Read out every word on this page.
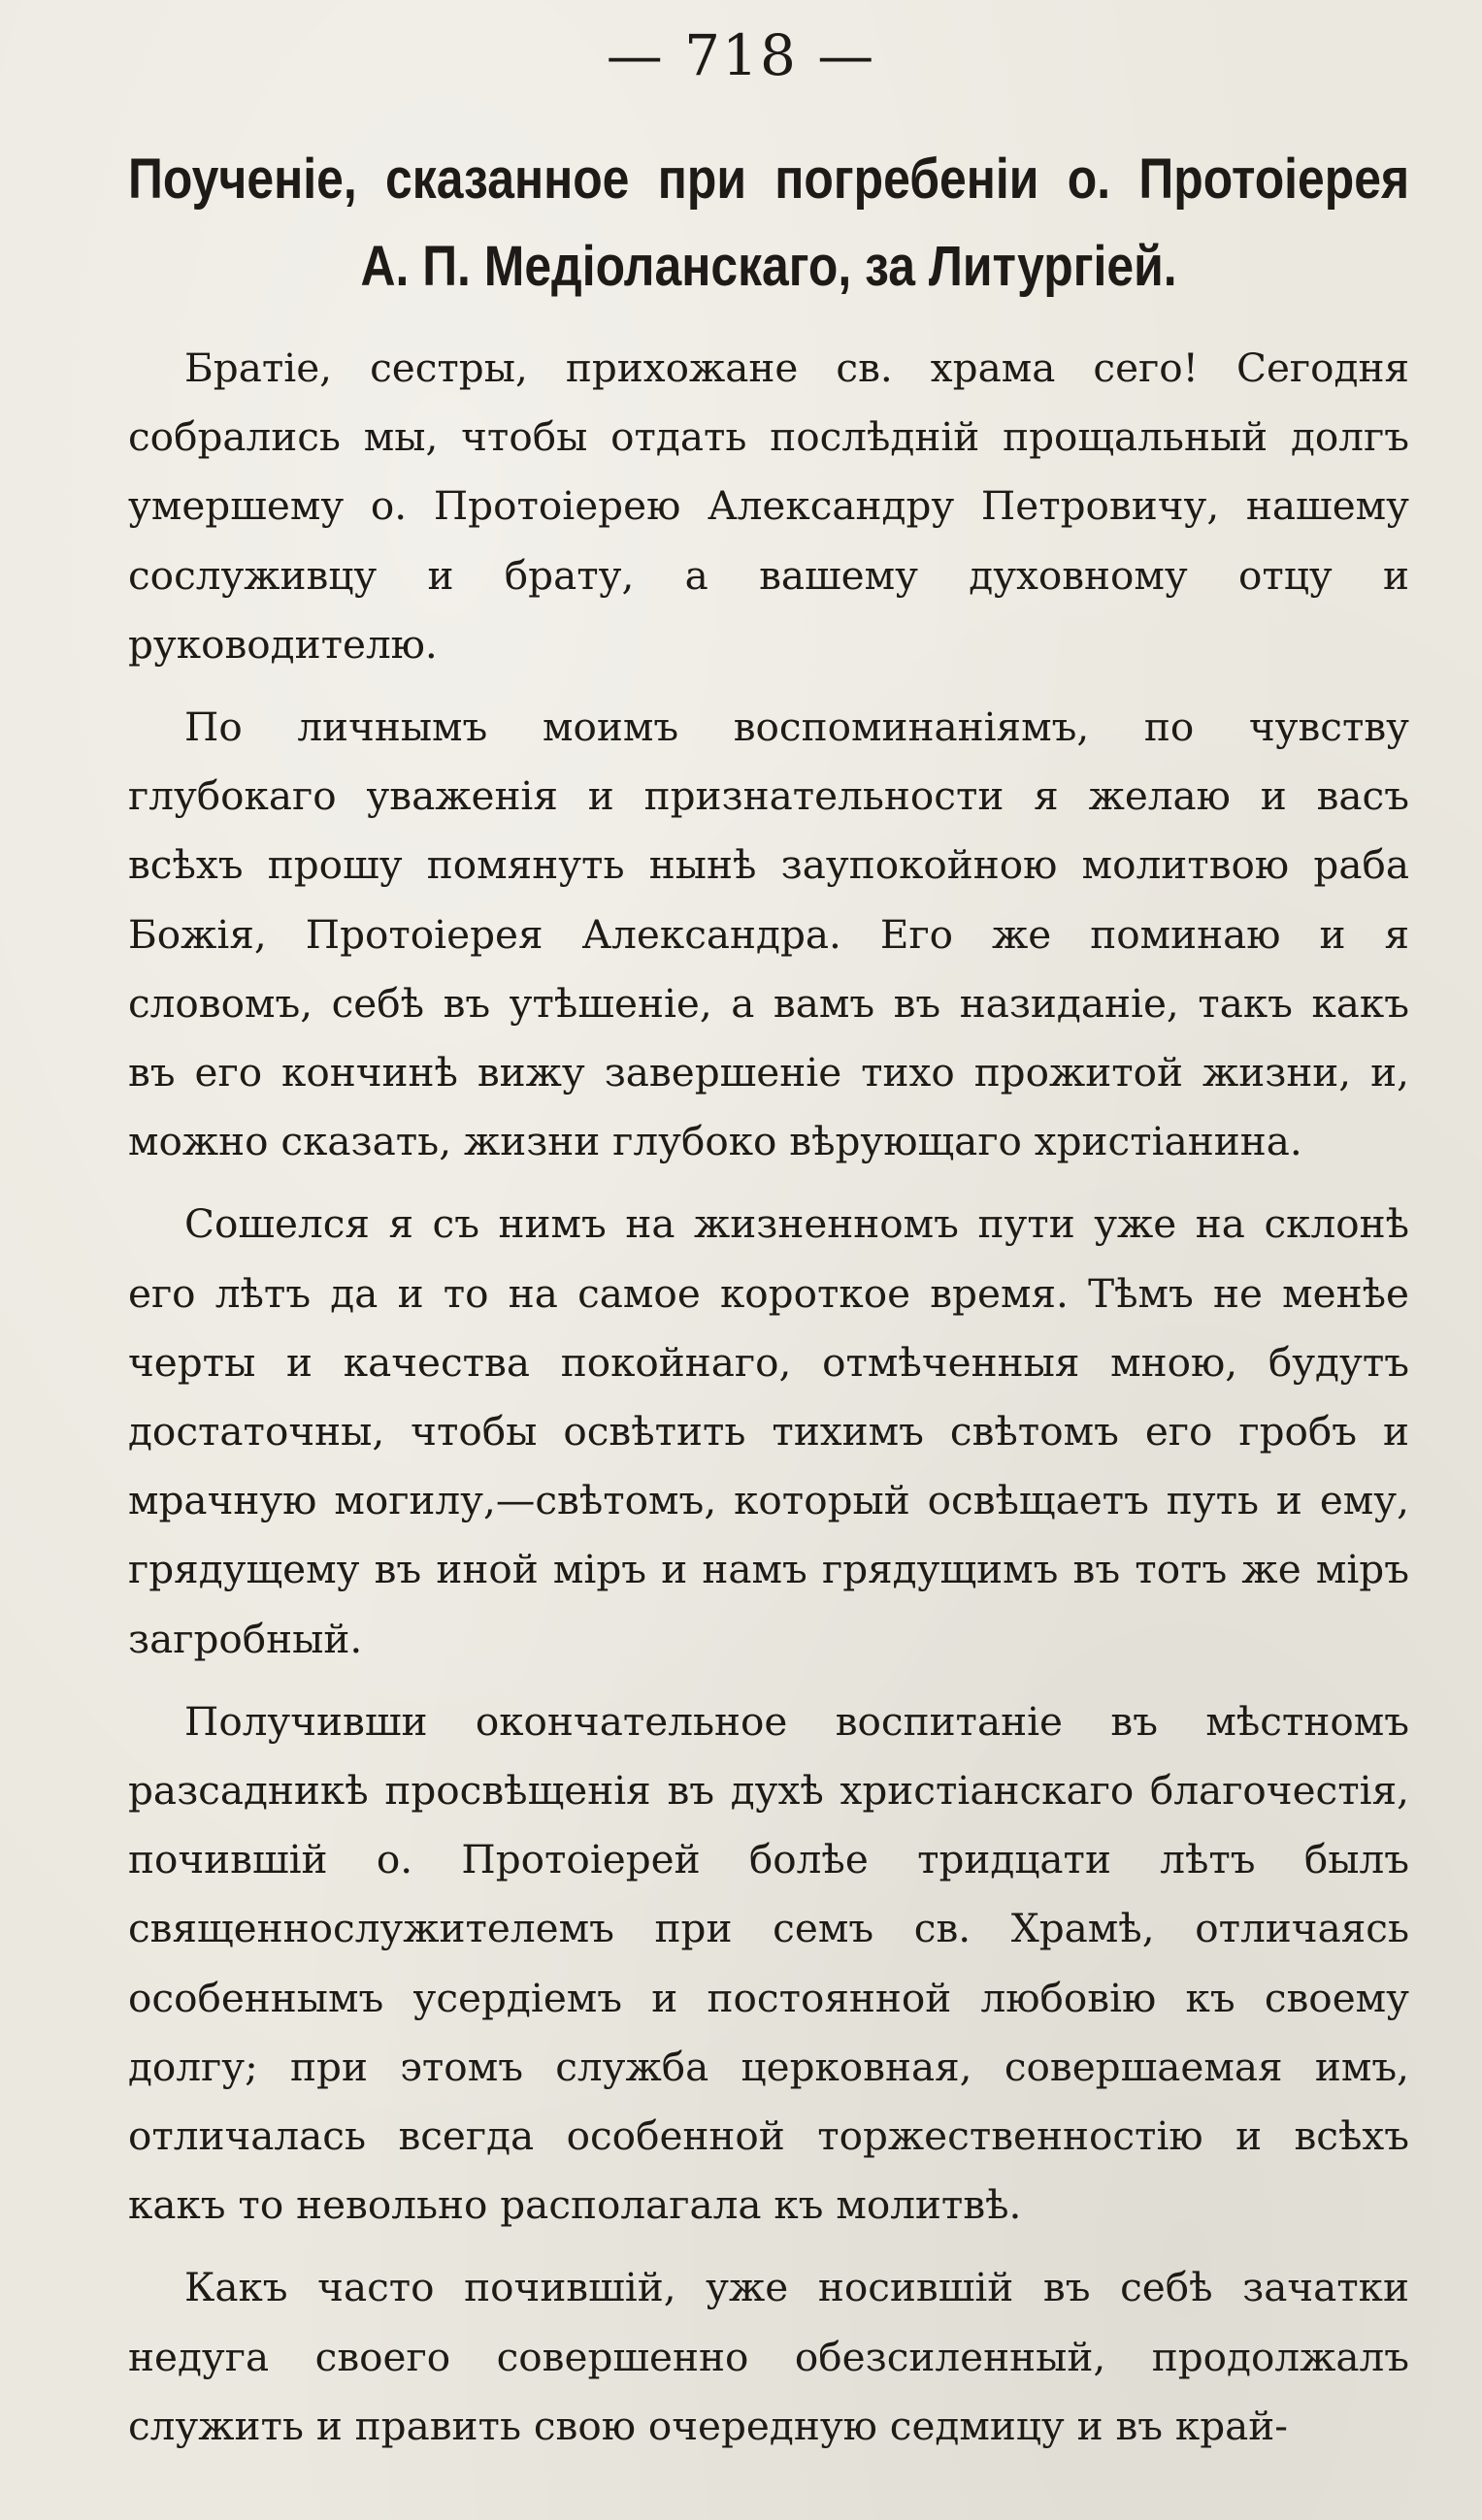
— 718 —
Поученіе, сказанное при погребеніи о. Протоіерея
А. П. Медіоланскаго, за Литургіей.

Братіе, сестры, прихожане св. храма сего! Сегодня собрались мы, чтобы отдать послѣднiй прощальный долгъ умершему о. Протоіерею Александру Петровичу, нашему сослуживцу и брату, а вашему духовному отцу и руководителю.

По личнымъ моимъ воспоминаніямъ, по чувству глубокаго уваженія и признательности я желаю и васъ всѣхъ прошу помянуть нынѣ заупокойною молитвою раба Божія, Протоіерея Александра. Его же поминаю и я словомъ, себѣ въ утѣшеніе, а вамъ въ назиданіе, такъ какъ въ его кончинѣ вижу завершеніе тихо прожитой жизни, и, можно сказать, жизни глубоко вѣрующаго христіанина.

Сошелся я съ нимъ на жизненномъ пути уже на склонѣ его лѣтъ да и то на самое короткое время. Тѣмъ не менѣе черты и качества покойнаго, отмѣченныя мною, будутъ достаточны, чтобы освѣтить тихимъ свѣтомъ его гробъ и мрачную могилу,—свѣтомъ, который освѣщаетъ путь и ему, грядущему въ иной міръ и намъ грядущимъ въ тотъ же міръ загробный.

Получивши окончательное воспитаніе въ мѣстномъ разсадникѣ просвѣщенія въ духѣ христіанскаго благочестія, почившій о. Протоіерей болѣе тридцати лѣтъ былъ священнослужителемъ при семъ св. Храмѣ, отличаясь особеннымъ усердіемъ и постоянной любовію къ своему долгу; при этомъ служба церковная, совершаемая имъ, отличалась всегда особенной торжественностію и всѣхъ какъ то невольно располагала къ молитвѣ.

Какъ часто почившій, уже носившій въ себѣ зачатки недуга своего совершенно обезсиленный, продолжалъ служить и править свою очередную седмицу и въ край-
